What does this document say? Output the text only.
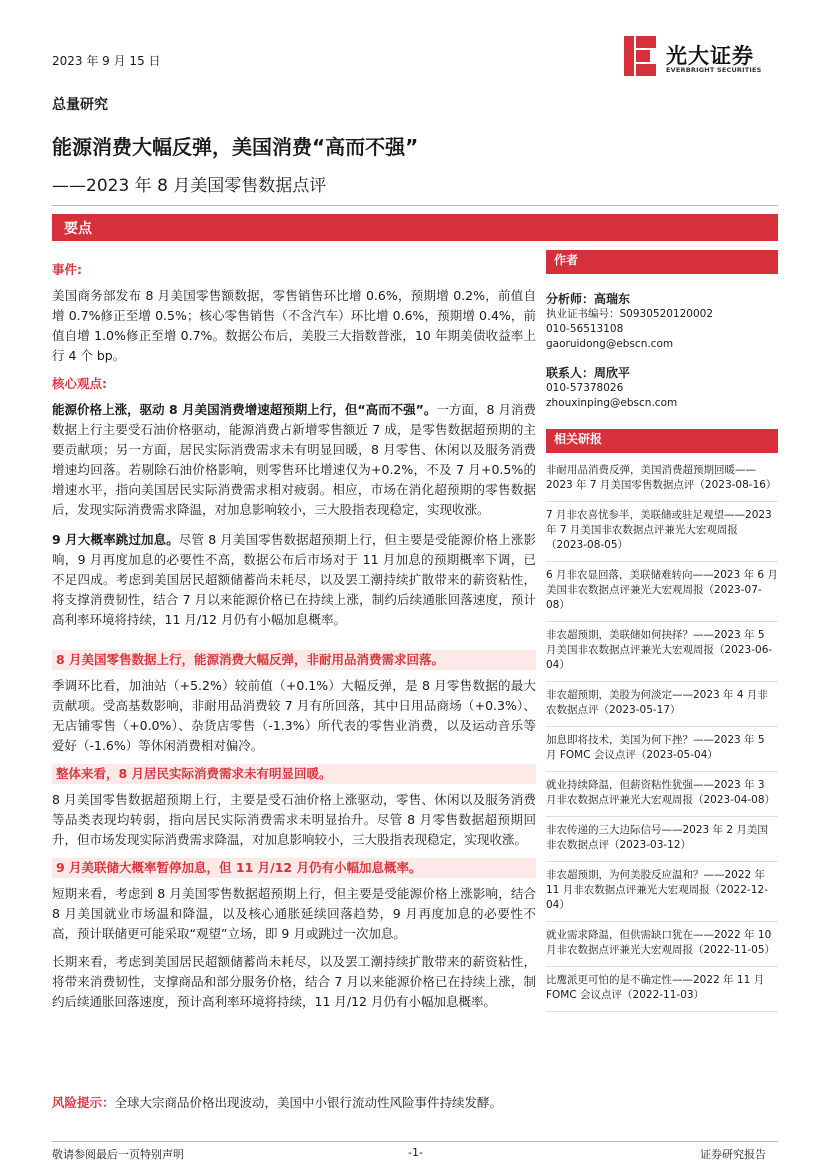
2023 年 9 月 15 日	光大证券
EVERBRIGHT SECURITIES
总量研究
能源消费大幅反弹，美国消费“高而不强”
——2023 年 8 月美国零售数据点评
要点

事件:

美国商务部发布 8 月美国零售额数据，零售销售环比增 0.6%，预期增 0.2%，前值自增 0.7%修正至增 0.5%；核心零售销售（不含汽车）环比增 0.6%，预期增 0.4%，前值自增 1.0%修正至增 0.7%。数据公布后，美股三大指数普涨，10 年期美债收益率上行 4 个 bp。

核心观点:

能源价格上涨，驱动 8 月美国消费增速超预期上行，但“高而不强”。一方面，8 月消费数据上行主要受石油价格驱动，能源消费占新增零售额近 7 成，是零售数据超预期的主要贡献项；另一方面，居民实际消费需求未有明显回暖，8 月零售、休闲以及服务消费增速均回落。若剔除石油价格影响，则零售环比增速仅为+0.2%，不及 7 月+0.5%的增速水平，指向美国居民实际消费需求相对疲弱。相应，市场在消化超预期的零售数据后，发现实际消费需求降温，对加息影响较小，三大股指表现稳定，实现收涨。

9 月大概率跳过加息。尽管 8 月美国零售数据超预期上行，但主要是受能源价格上涨影响，9 月再度加息的必要性不高，数据公布后市场对于 11 月加息的预期概率下调，已不足四成。考虑到美国居民超额储蓄尚未耗尽，以及罢工潮持续扩散带来的薪资粘性，将支撑消费韧性，结合 7 月以来能源价格已在持续上涨，制约后续通胀回落速度，预计高利率环境将持续，11 月/12 月仍有小幅加息概率。

8 月美国零售数据上行，能源消费大幅反弹，非耐用品消费需求回落。

季调环比看，加油站（+5.2%）较前值（+0.1%）大幅反弹，是 8 月零售数据的最大贡献项。受高基数影响，非耐用品消费较 7 月有所回落，其中日用品商场（+0.3%）、无店铺零售（+0.0%）、杂货店零售（-1.3%）所代表的零售业消费，以及运动音乐等爱好（-1.6%）等休闲消费相对偏冷。

整体来看，8 月居民实际消费需求未有明显回暖。

8 月美国零售数据超预期上行，主要是受石油价格上涨驱动，零售、休闲以及服务消费等品类表现均转弱，指向居民实际消费需求未明显抬升。尽管 8 月零售数据超预期回升，但市场发现实际消费需求降温，对加息影响较小，三大股指表现稳定，实现收涨。

9 月美联储大概率暂停加息，但 11 月/12 月仍有小幅加息概率。

短期来看，考虑到 8 月美国零售数据超预期上行，但主要是受能源价格上涨影响，结合 8 月美国就业市场温和降温，以及核心通胀延续回落趋势，9 月再度加息的必要性不高，预计联储更可能采取“观望”立场，即 9 月或跳过一次加息。

长期来看，考虑到美国居民超额储蓄尚未耗尽，以及罢工潮持续扩散带来的薪资粘性，将带来消费韧性，支撑商品和部分服务价格，结合 7 月以来能源价格已在持续上涨，制约后续通胀回落速度，预计高利率环境将持续，11 月/12 月仍有小幅加息概率。

作者
分析师：高瑞东
执业证书编号：S0930520120002
010-56513108
gaoruidong@ebscn.com
联系人：周欣平
010-57378026
zhouxinping@ebscn.com
相关研报
非耐用品消费反弹，美国消费超预期回暖——2023 年 7 月美国零售数据点评（2023-08-16）
7 月非农喜忧参半，美联储或驻足观望——2023 年 7 月美国非农数据点评兼光大宏观周报（2023-08-05）
6 月非农显回落，美联储难转向——2023 年 6 月美国非农数据点评兼光大宏观周报（2023-07-08）
非农超预期，美联储如何抉择？——2023 年 5 月美国非农数据点评兼光大宏观周报（2023-06-04）
非农超预期，美股为何淡定——2023 年 4 月非农数据点评（2023-05-17）
加息即将技术，美国为何下挫？——2023 年 5 月 FOMC 会议点评（2023-05-04）
就业持续降温，但薪资粘性犹强——2023 年 3 月非农数据点评兼光大宏观周报（2023-04-08）
非农传递的三大边际信号——2023 年 2 月美国非农数据点评（2023-03-12）
非农超预期，为何美股反应温和？——2022 年 11 月非农数据点评兼光大宏观周报（2022-12-04）
就业需求降温，但供需缺口犹在——2022 年 10 月非农数据点评兼光大宏观周报（2022-11-05）
比鹰派更可怕的是不确定性——2022 年 11 月 FOMC 会议点评（2022-11-03）
风险提示：全球大宗商品价格出现波动，美国中小银行流动性风险事件持续发酵。
敬请参阅最后一页特别声明	-1-	证券研究报告
